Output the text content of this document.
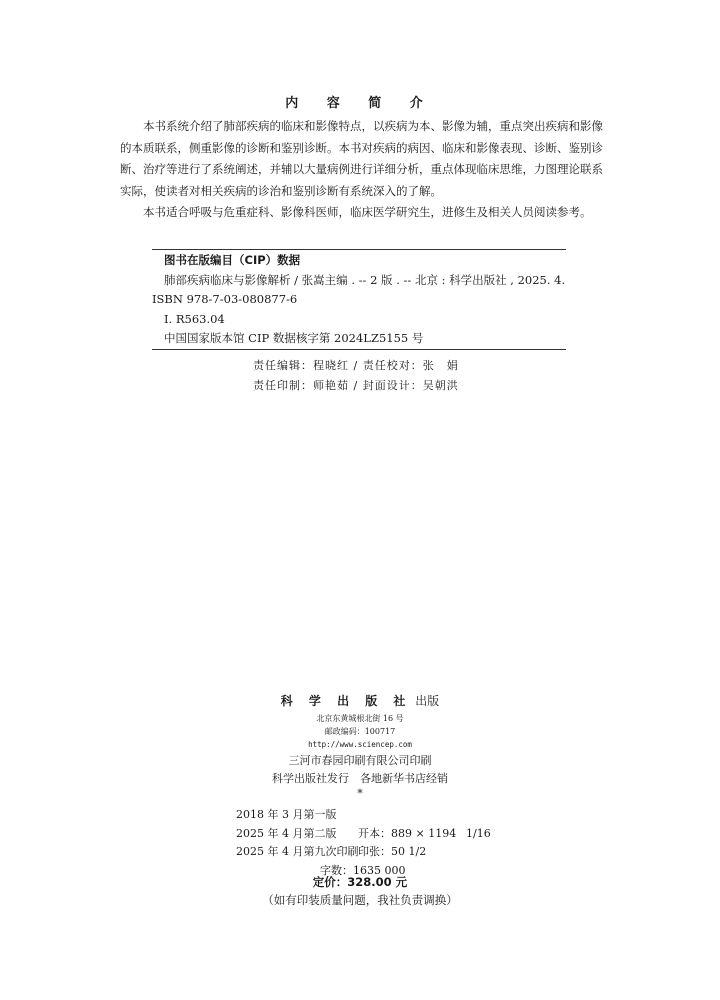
内 容 简 介

本书系统介绍了肺部疾病的临床和影像特点，以疾病为本、影像为辅，重点突出疾病和影像
的本质联系，侧重影像的诊断和鉴别诊断。本书对疾病的病因、临床和影像表现、诊断、鉴别诊
断、治疗等进行了系统阐述，并辅以大量病例进行详细分析，重点体现临床思维，力图理论联系
实际，使读者对相关疾病的诊治和鉴别诊断有系统深入的了解。

本书适合呼吸与危重症科、影像科医师，临床医学研究生，进修生及相关人员阅读参考。

图书在版编目（CIP）数据
肺部疾病临床与影像解析 / 张嵩主编 . -- 2 版 . -- 北京 : 科学出版社 , 2025. 4.
ISBN 978-7-03-080877-6
Ⅰ. R563.04
中国国家版本馆 CIP 数据核字第 2024LZ5155 号
责任编辑：程晓红 / 责任校对：张　娟
责任印制：师艳茹 / 封面设计：吴朝洪
科 学 出 版 社 出版
北京东黄城根北街 16 号
邮政编码：100717
http://www.sciencep.com
三河市春园印刷有限公司印刷
科学出版社发行　各地新华书店经销
*
2018 年 3 月第一版
2025 年 4 月第二版 开本：889 × 1194 1/16
2025 年 4 月第九次印刷印张：50 1/2
字数：1635 000
定价：328.00 元
（如有印装质量问题，我社负责调换）
